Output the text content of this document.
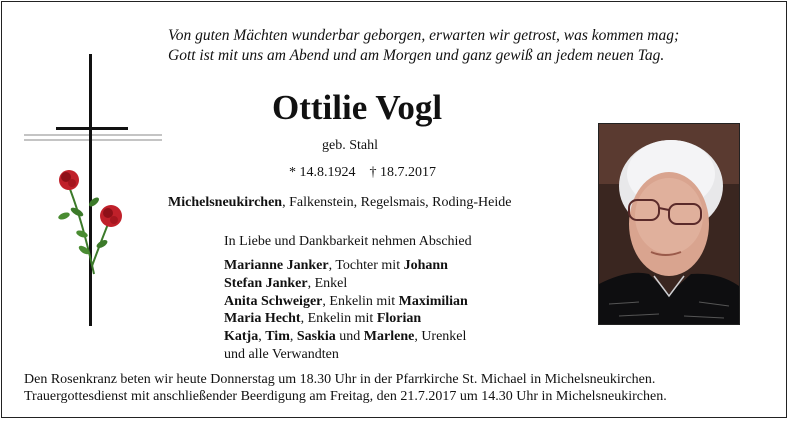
Von guten Mächten wunderbar geborgen, erwarten wir getrost, was kommen mag;
Gott ist mit uns am Abend und am Morgen und ganz gewiß an jedem neuen Tag.
Ottilie Vogl
geb. Stahl
* 14.8.1924 † 18.7.2017
Michelsneukirchen, Falkenstein, Regelsmais, Roding-Heide
In Liebe und Dankbarkeit nehmen Abschied
Marianne Janker, Tochter mit Johann
Stefan Janker, Enkel
Anita Schweiger, Enkelin mit Maximilian
Maria Hecht, Enkelin mit Florian
Katja, Tim, Saskia und Marlene, Urenkel
und alle Verwandten
Den Rosenkranz beten wir heute Donnerstag um 18.30 Uhr in der Pfarrkirche St. Michael in Michelsneukirchen.
Trauergottesdienst mit anschließender Beerdigung am Freitag, den 21.7.2017 um 14.30 Uhr in Michelsneukirchen.
